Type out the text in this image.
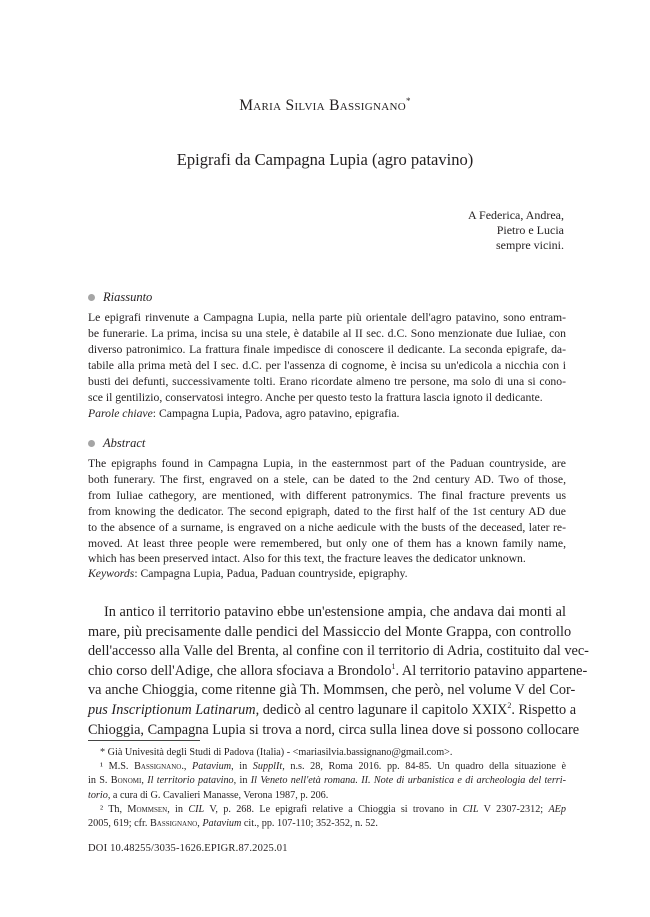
Maria Silvia Bassignano*
Epigrafi da Campagna Lupia (agro patavino)
A Federica, Andrea,
Pietro e Lucia
sempre vicini.
Riassunto
Le epigrafi rinvenute a Campagna Lupia, nella parte più orientale dell'agro patavino, sono entram-
be funerarie. La prima, incisa su una stele, è databile al II sec. d.C. Sono menzionate due Iuliae, con
diverso patronimico. La frattura finale impedisce di conoscere il dedicante. La seconda epigrafe, da-
tabile alla prima metà del I sec. d.C. per l'assenza di cognome, è incisa su un'edicola a nicchia con i
busti dei defunti, successivamente tolti. Erano ricordate almeno tre persone, ma solo di una si cono-
sce il gentilizio, conservatosi integro. Anche per questo testo la frattura lascia ignoto il dedicante.
Parole chiave: Campagna Lupia, Padova, agro patavino, epigrafia.
Abstract
The epigraphs found in Campagna Lupia, in the easternmost part of the Paduan countryside, are
both funerary. The first, engraved on a stele, can be dated to the 2nd century AD. Two of those,
from Iuliae cathegory, are mentioned, with different patronymics. The final fracture prevents us
from knowing the dedicator. The second epigraph, dated to the first half of the 1st century AD due
to the absence of a surname, is engraved on a niche aedicule with the busts of the deceased, later re-
moved. At least three people were remembered, but only one of them has a known family name,
which has been preserved intact. Also for this text, the fracture leaves the dedicator unknown.
Keywords: Campagna Lupia, Padua, Paduan countryside, epigraphy.
In antico il territorio patavino ebbe un'estensione ampia, che andava dai monti al
mare, più precisamente dalle pendici del Massiccio del Monte Grappa, con controllo
dell'accesso alla Valle del Brenta, al confine con il territorio di Adria, costituito dal vec-
chio corso dell'Adige, che allora sfociava a Brondolo$^1$. Al territorio patavino appartene-
va anche Chioggia, come ritenne già Th. Mommsen, che però, nel volume V del Cor-
pus Inscriptionum Latinarum, dedicò al centro lagunare il capitolo XXIX$^2$. Rispetto a
Chioggia, Campagna Lupia si trova a nord, circa sulla linea dove si possono collocare
* Già Univesità degli Studi di Padova (Italia) - <mariasilvia.bassignano@gmail.com>.
¹ M.S. Bassignano., Patavium, in SupplIt, n.s. 28, Roma 2016. pp. 84-85. Un quadro della situazione è
in S. Bonomi, Il territorio patavino, in Il Veneto nell'età romana. II. Note di urbanistica e di archeologia del terri-
torio, a cura di G. Cavalieri Manasse, Verona 1987, p. 206.
² Th, Mommsen, in CIL V, p. 268. Le epigrafi relative a Chioggia si trovano in CIL V 2307-2312; AEp
2005, 619; cfr. Bassignano, Patavium cit., pp. 107-110; 352-352, n. 52.
DOI 10.48255/3035-1626.EPIGR.87.2025.01
